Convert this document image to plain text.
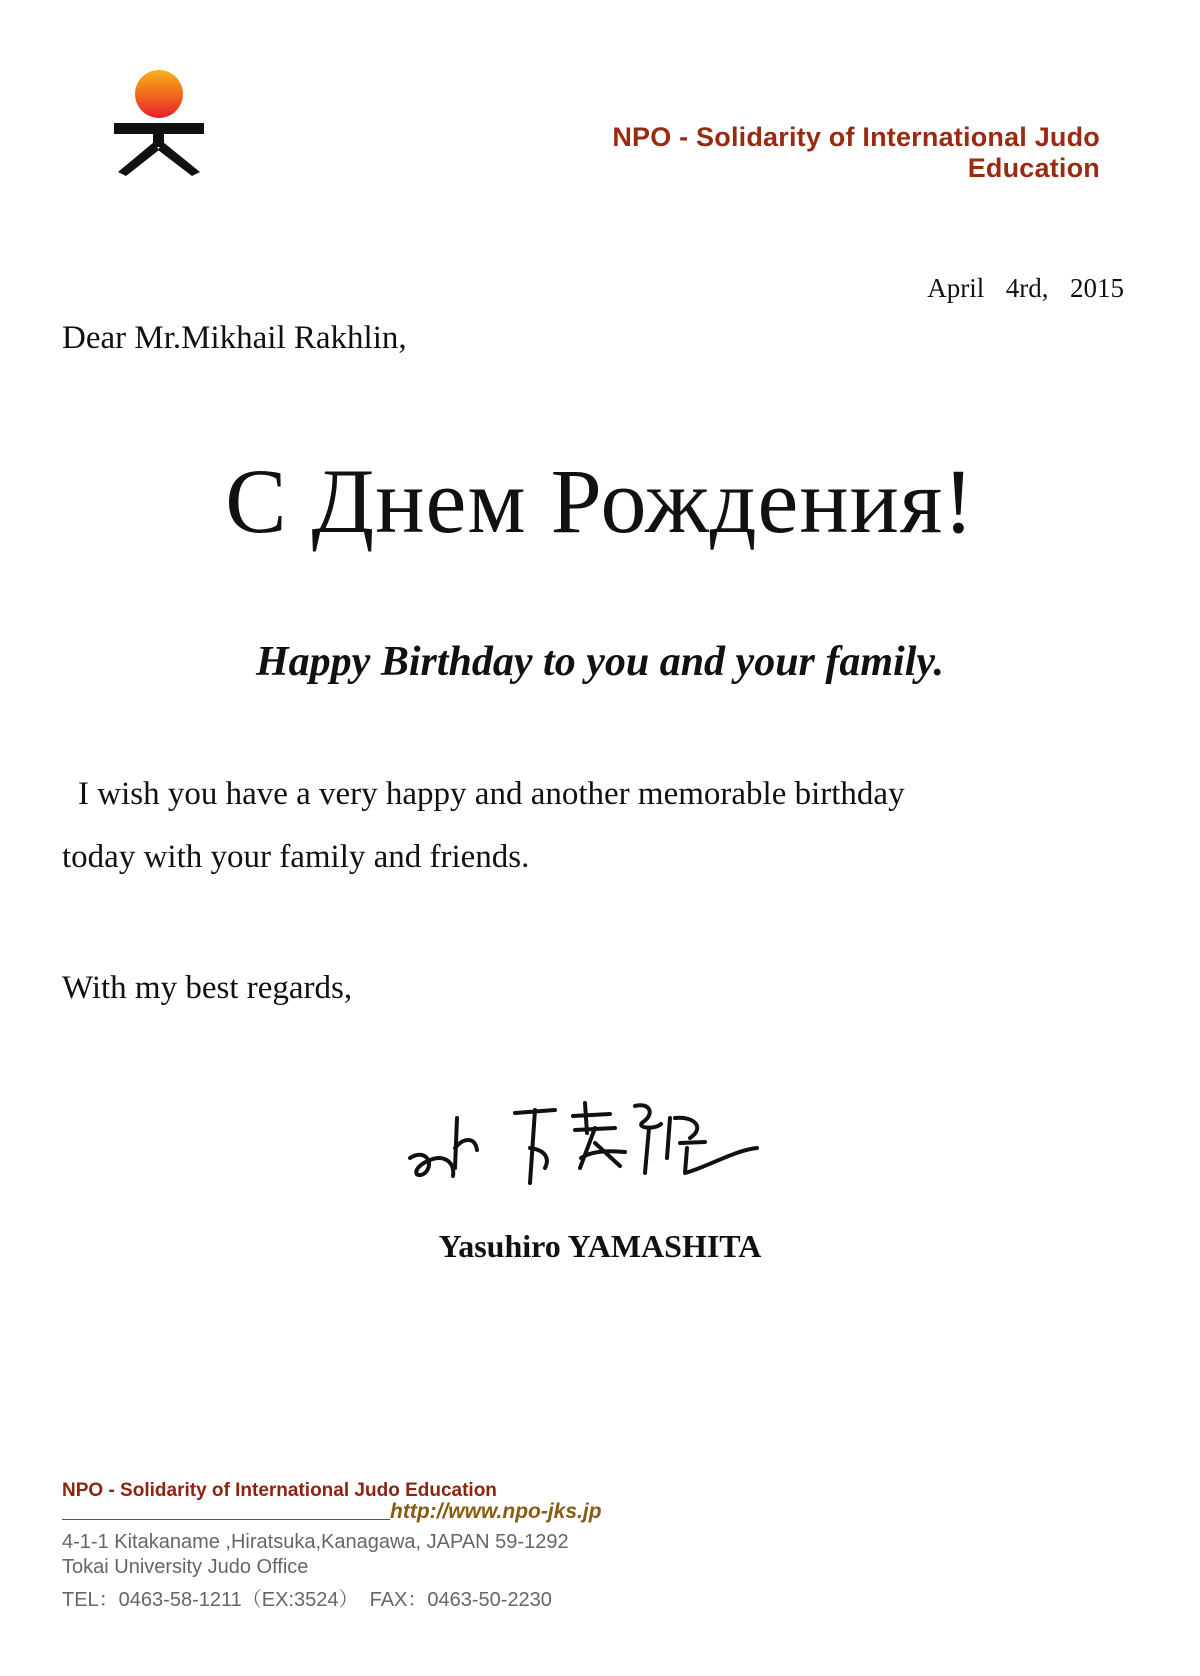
NPO - Solidarity of International Judo Education
April  4rd,  2015
Dear Mr.Mikhail Rakhlin,
С Днем Рождения!
Happy Birthday to you and your family.
I wish you have a very happy and another memorable birthday
today with your family and friends.
With my best regards,
Yasuhiro YAMASHITA
NPO - Solidarity of International Judo Education
http://www.npo-jks.jp
4-1-1 Kitakaname ,Hiratsuka,Kanagawa, JAPAN 59-1292
Tokai University Judo Office
TEL：0463-58-1211（EX:3524）  FAX：0463-50-2230
